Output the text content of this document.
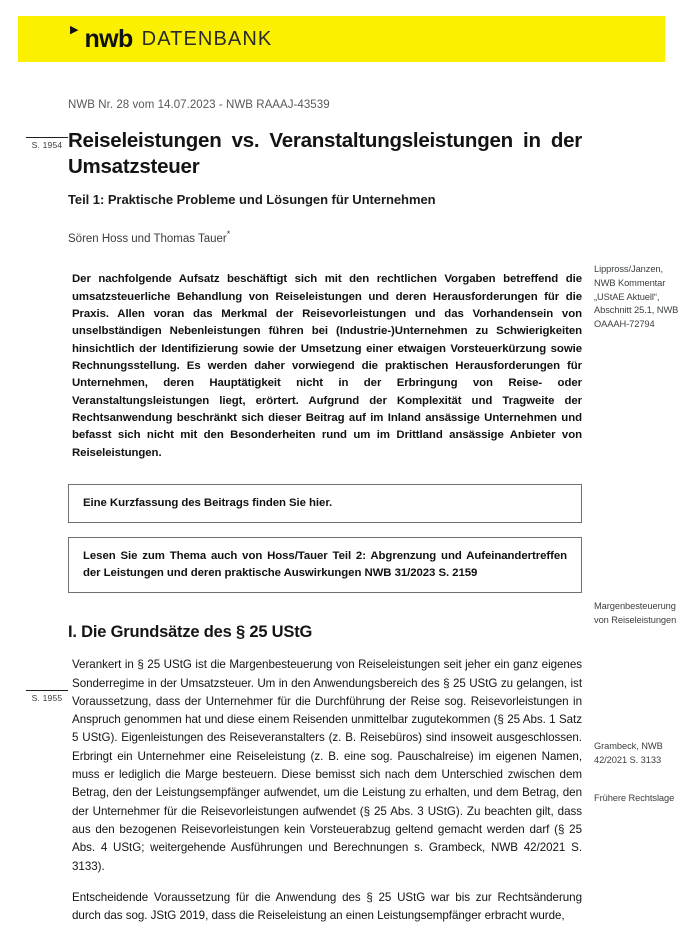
▶ nwb DATENBANK
NWB Nr. 28 vom 14.07.2023 - NWB RAAAJ-43539
S. 1954
S. 1955
Reiseleistungen vs. Veranstaltungsleistungen in der Umsatzsteuer
Teil 1: Praktische Probleme und Lösungen für Unternehmen

Sören Hoss und Thomas Tauer*

Der nachfolgende Aufsatz beschäftigt sich mit den rechtlichen Vorgaben betreffend die umsatzsteuerliche Behandlung von Reiseleistungen und deren Herausforderungen für die Praxis. Allen voran das Merkmal der Reisevorleistungen und das Vorhandensein von unselbständigen Nebenleistungen führen bei (Industrie-)Unternehmen zu Schwierigkeiten hinsichtlich der Identifizierung sowie der Umsetzung einer etwaigen Vorsteuerkürzung sowie Rechnungsstellung. Es werden daher vorwiegend die praktischen Herausforderungen für Unternehmen, deren Hauptätigkeit nicht in der Erbringung von Reise- oder Veranstaltungsleistungen liegt, erörtert. Aufgrund der Komplexität und Tragweite der Rechtsanwendung beschränkt sich dieser Beitrag auf im Inland ansässige Unternehmen und befasst sich nicht mit den Besonderheiten rund um im Drittland ansässige Anbieter von Reiseleistungen.

Eine Kurzfassung des Beitrags finden Sie hier.
Lesen Sie zum Thema auch von Hoss/Tauer Teil 2: Abgrenzung und Aufeinandertreffen der Leistungen und deren praktische Auswirkungen NWB 31/2023 S. 2159
I. Die Grundsätze des § 25 UStG

Verankert in § 25 UStG ist die Margenbesteuerung von Reiseleistungen seit jeher ein ganz eigenes Sonderregime in der Umsatzsteuer. Um in den Anwendungsbereich des § 25 UStG zu gelangen, ist Voraussetzung, dass der Unternehmer für die Durchführung der Reise sog. Reisevorleistungen in Anspruch genommen hat und diese einem Reisenden unmittelbar zugutekommen (§ 25 Abs. 1 Satz 5 UStG). Eigenleistungen des Reiseveranstalters (z. B. Reisebüros) sind insoweit ausgeschlossen. Erbringt ein Unternehmer eine Reiseleistung (z. B. eine sog. Pauschalreise) im eigenen Namen, muss er lediglich die Marge besteuern. Diese bemisst sich nach dem Unterschied zwischen dem Betrag, den der Leistungsempfänger aufwendet, um die Leistung zu erhalten, und dem Betrag, den der Unternehmer für die Reisevorleistungen aufwendet (§ 25 Abs. 3 UStG). Zu beachten gilt, dass aus den bezogenen Reisevorleistungen kein Vorsteuerabzug geltend gemacht werden darf (§ 25 Abs. 4 UStG; weitergehende Ausführungen und Berechnungen s. Grambeck, NWB 42/2021 S. 3133).

Entscheidende Voraussetzung für die Anwendung des § 25 UStG war bis zur Rechtsänderung durch das sog. JStG 2019, dass die Reiseleistung an einen Leistungsempfänger erbracht wurde,

Lippross/Janzen, NWB Kommentar „UStAE Aktuell“, Abschnitt 25.1, NWB OAAAH-72794
Margenbesteuerung von Reiseleistungen
Grambeck, NWB 42/2021 S. 3133
Frühere Rechtslage
